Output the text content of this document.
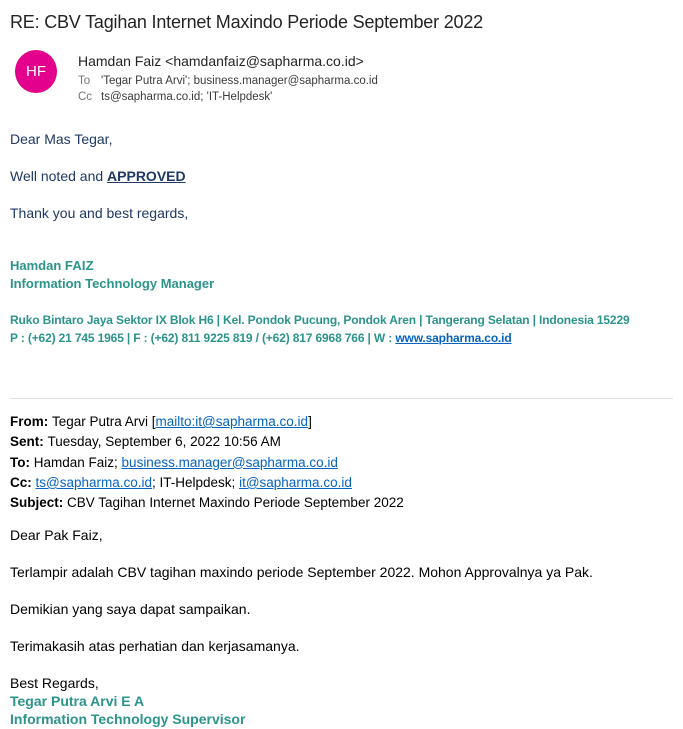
RE: CBV Tagihan Internet Maxindo Periode September 2022
HF
Hamdan Faiz <hamdanfaiz@sapharma.co.id>
To 'Tegar Putra Arvi'; business.manager@sapharma.co.id
Cc ts@sapharma.co.id; 'IT-Helpdesk'

Dear Mas Tegar,

Well noted and APPROVED

Thank you and best regards,

Hamdan FAIZ
Information Technology Manager
Ruko Bintaro Jaya Sektor IX Blok H6 | Kel. Pondok Pucung, Pondok Aren | Tangerang Selatan | Indonesia 15229
P : (+62) 21 745 1965 | F : (+62) 811 9225 819 / (+62) 817 6968 766 | W : www.sapharma.co.id
From: Tegar Putra Arvi [mailto:it@sapharma.co.id]
Sent: Tuesday, September 6, 2022 10:56 AM
To: Hamdan Faiz; business.manager@sapharma.co.id
Cc: ts@sapharma.co.id; IT-Helpdesk; it@sapharma.co.id
Subject: CBV Tagihan Internet Maxindo Periode September 2022

Dear Pak Faiz,

Terlampir adalah CBV tagihan maxindo periode September 2022. Mohon Approvalnya ya Pak.

Demikian yang saya dapat sampaikan.

Terimakasih atas perhatian dan kerjasamanya.

Best Regards,
Tegar Putra Arvi E A
Information Technology Supervisor
